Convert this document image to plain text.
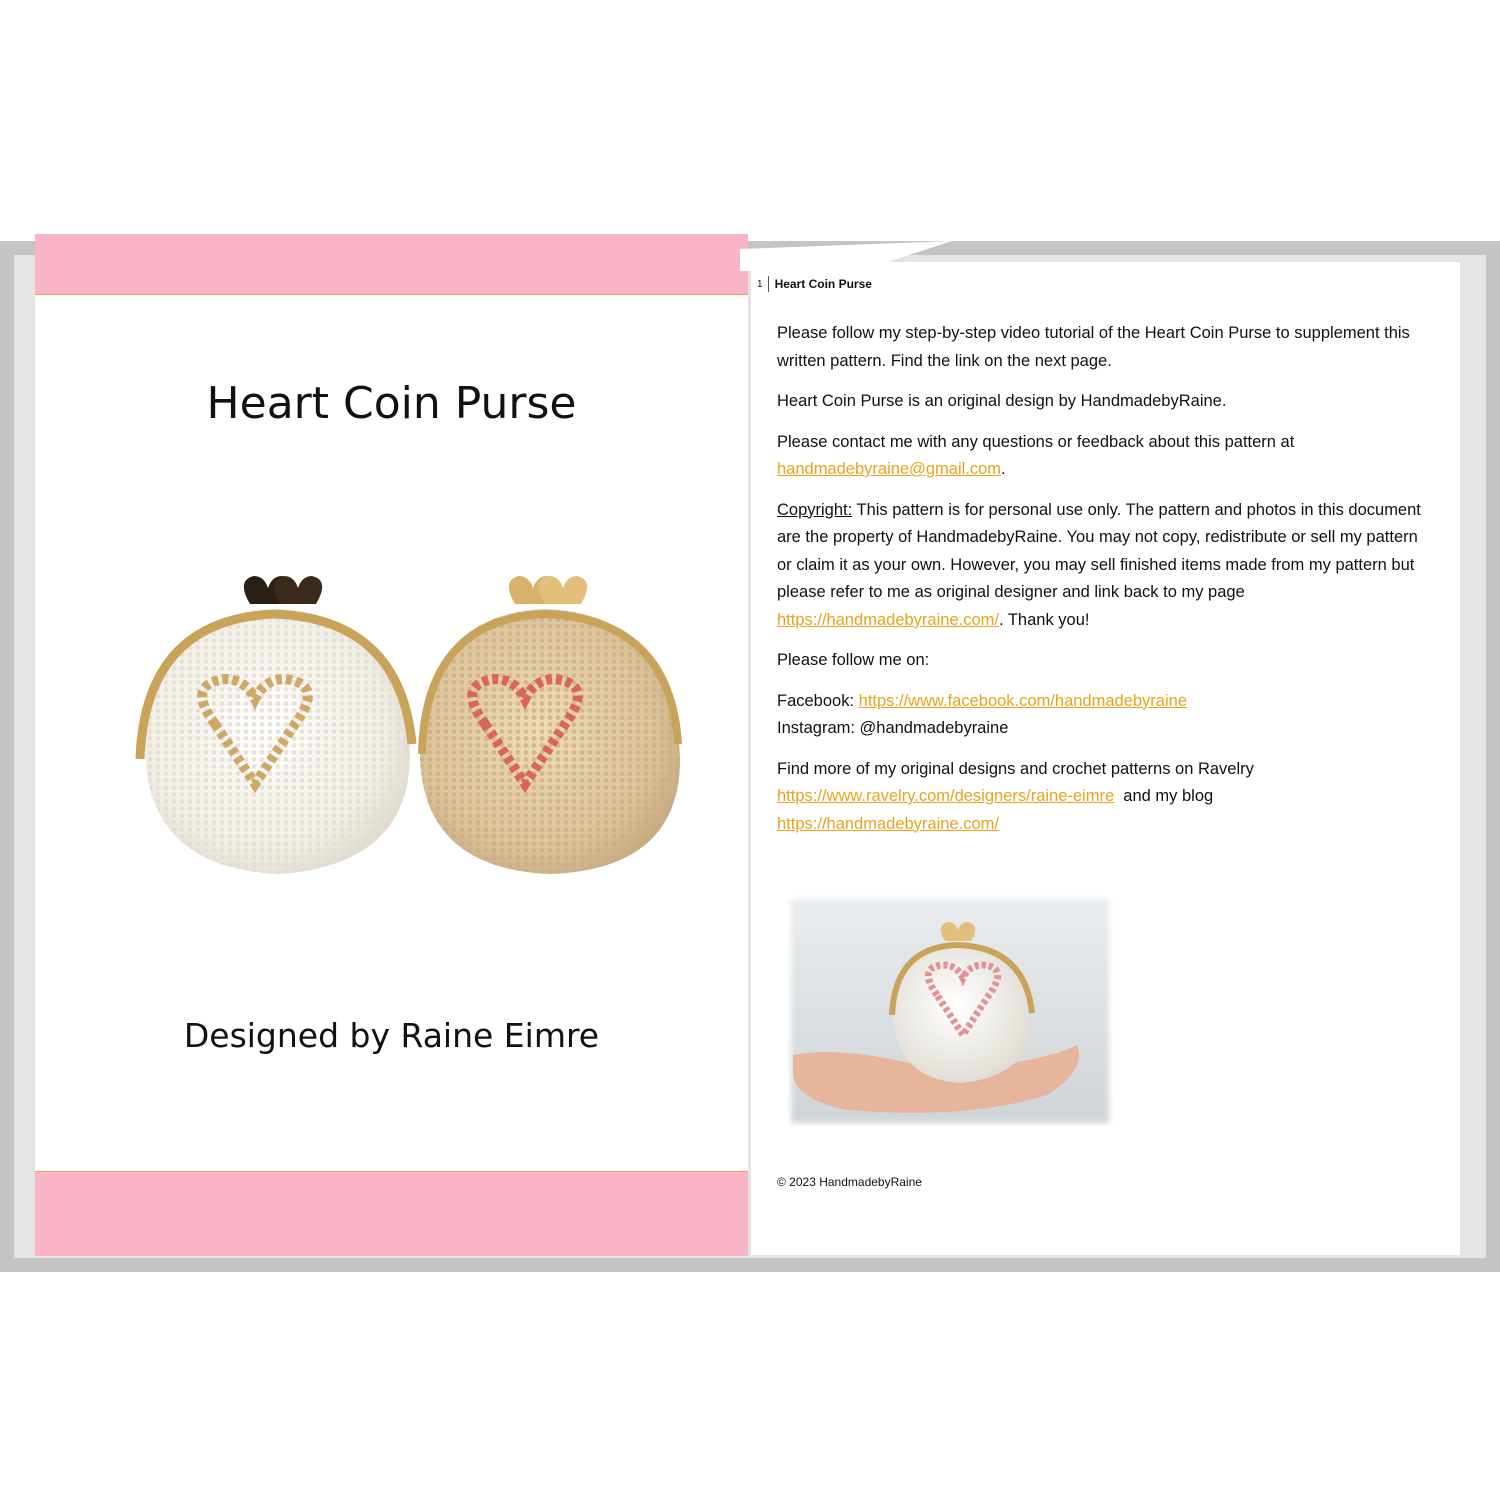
Heart Coin Purse

Designed by Raine Eimre

1	Heart Coin Purse

Please follow my step-by-step video tutorial of the Heart Coin Purse to supplement this written pattern. Find the link on the next page.

Heart Coin Purse is an original design by HandmadebyRaine.

Please contact me with any questions or feedback about this pattern at
handmadebyraine@gmail.com.

Copyright: This pattern is for personal use only. The pattern and photos in this document are the property of HandmadebyRaine. You may not copy, redistribute or sell my pattern or claim it as your own. However, you may sell finished items made from my pattern but please refer to me as original designer and link back to my page https://handmadebyraine.com/. Thank you!

Please follow me on:

Facebook: https://www.facebook.com/handmadebyraine
Instagram: @handmadebyraine

Find more of my original designs and crochet patterns on Ravelry
https://www.ravelry.com/designers/raine-eimre  and my blog
https://handmadebyraine.com/

© 2023 HandmadebyRaine
